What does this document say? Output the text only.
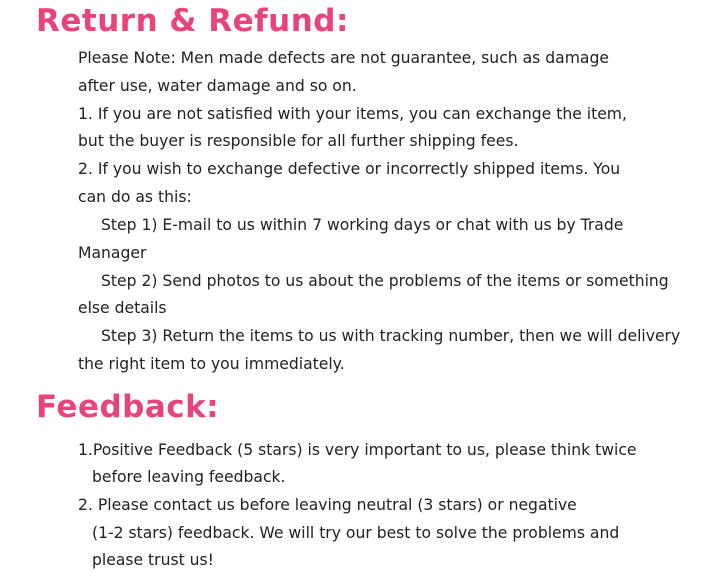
Return & Refund:

Please Note: Men made defects are not guarantee, such as damage

after use, water damage and so on.

1. If you are not satisfied with your items, you can exchange the item,

but the buyer is responsible for all further shipping fees.

2. If you wish to exchange defective or incorrectly shipped items. You

can do as this:

Step 1) E-mail to us within 7 working days or chat with us by Trade

Manager

Step 2) Send photos to us about the problems of the items or something

else details

Step 3) Return the items to us with tracking number, then we will delivery

the right item to you immediately.

Feedback:

1.Positive Feedback (5 stars) is very important to us, please think twice

before leaving feedback.

2. Please contact us before leaving neutral (3 stars) or negative

(1-2 stars) feedback. We will try our best to solve the problems and

please trust us!
